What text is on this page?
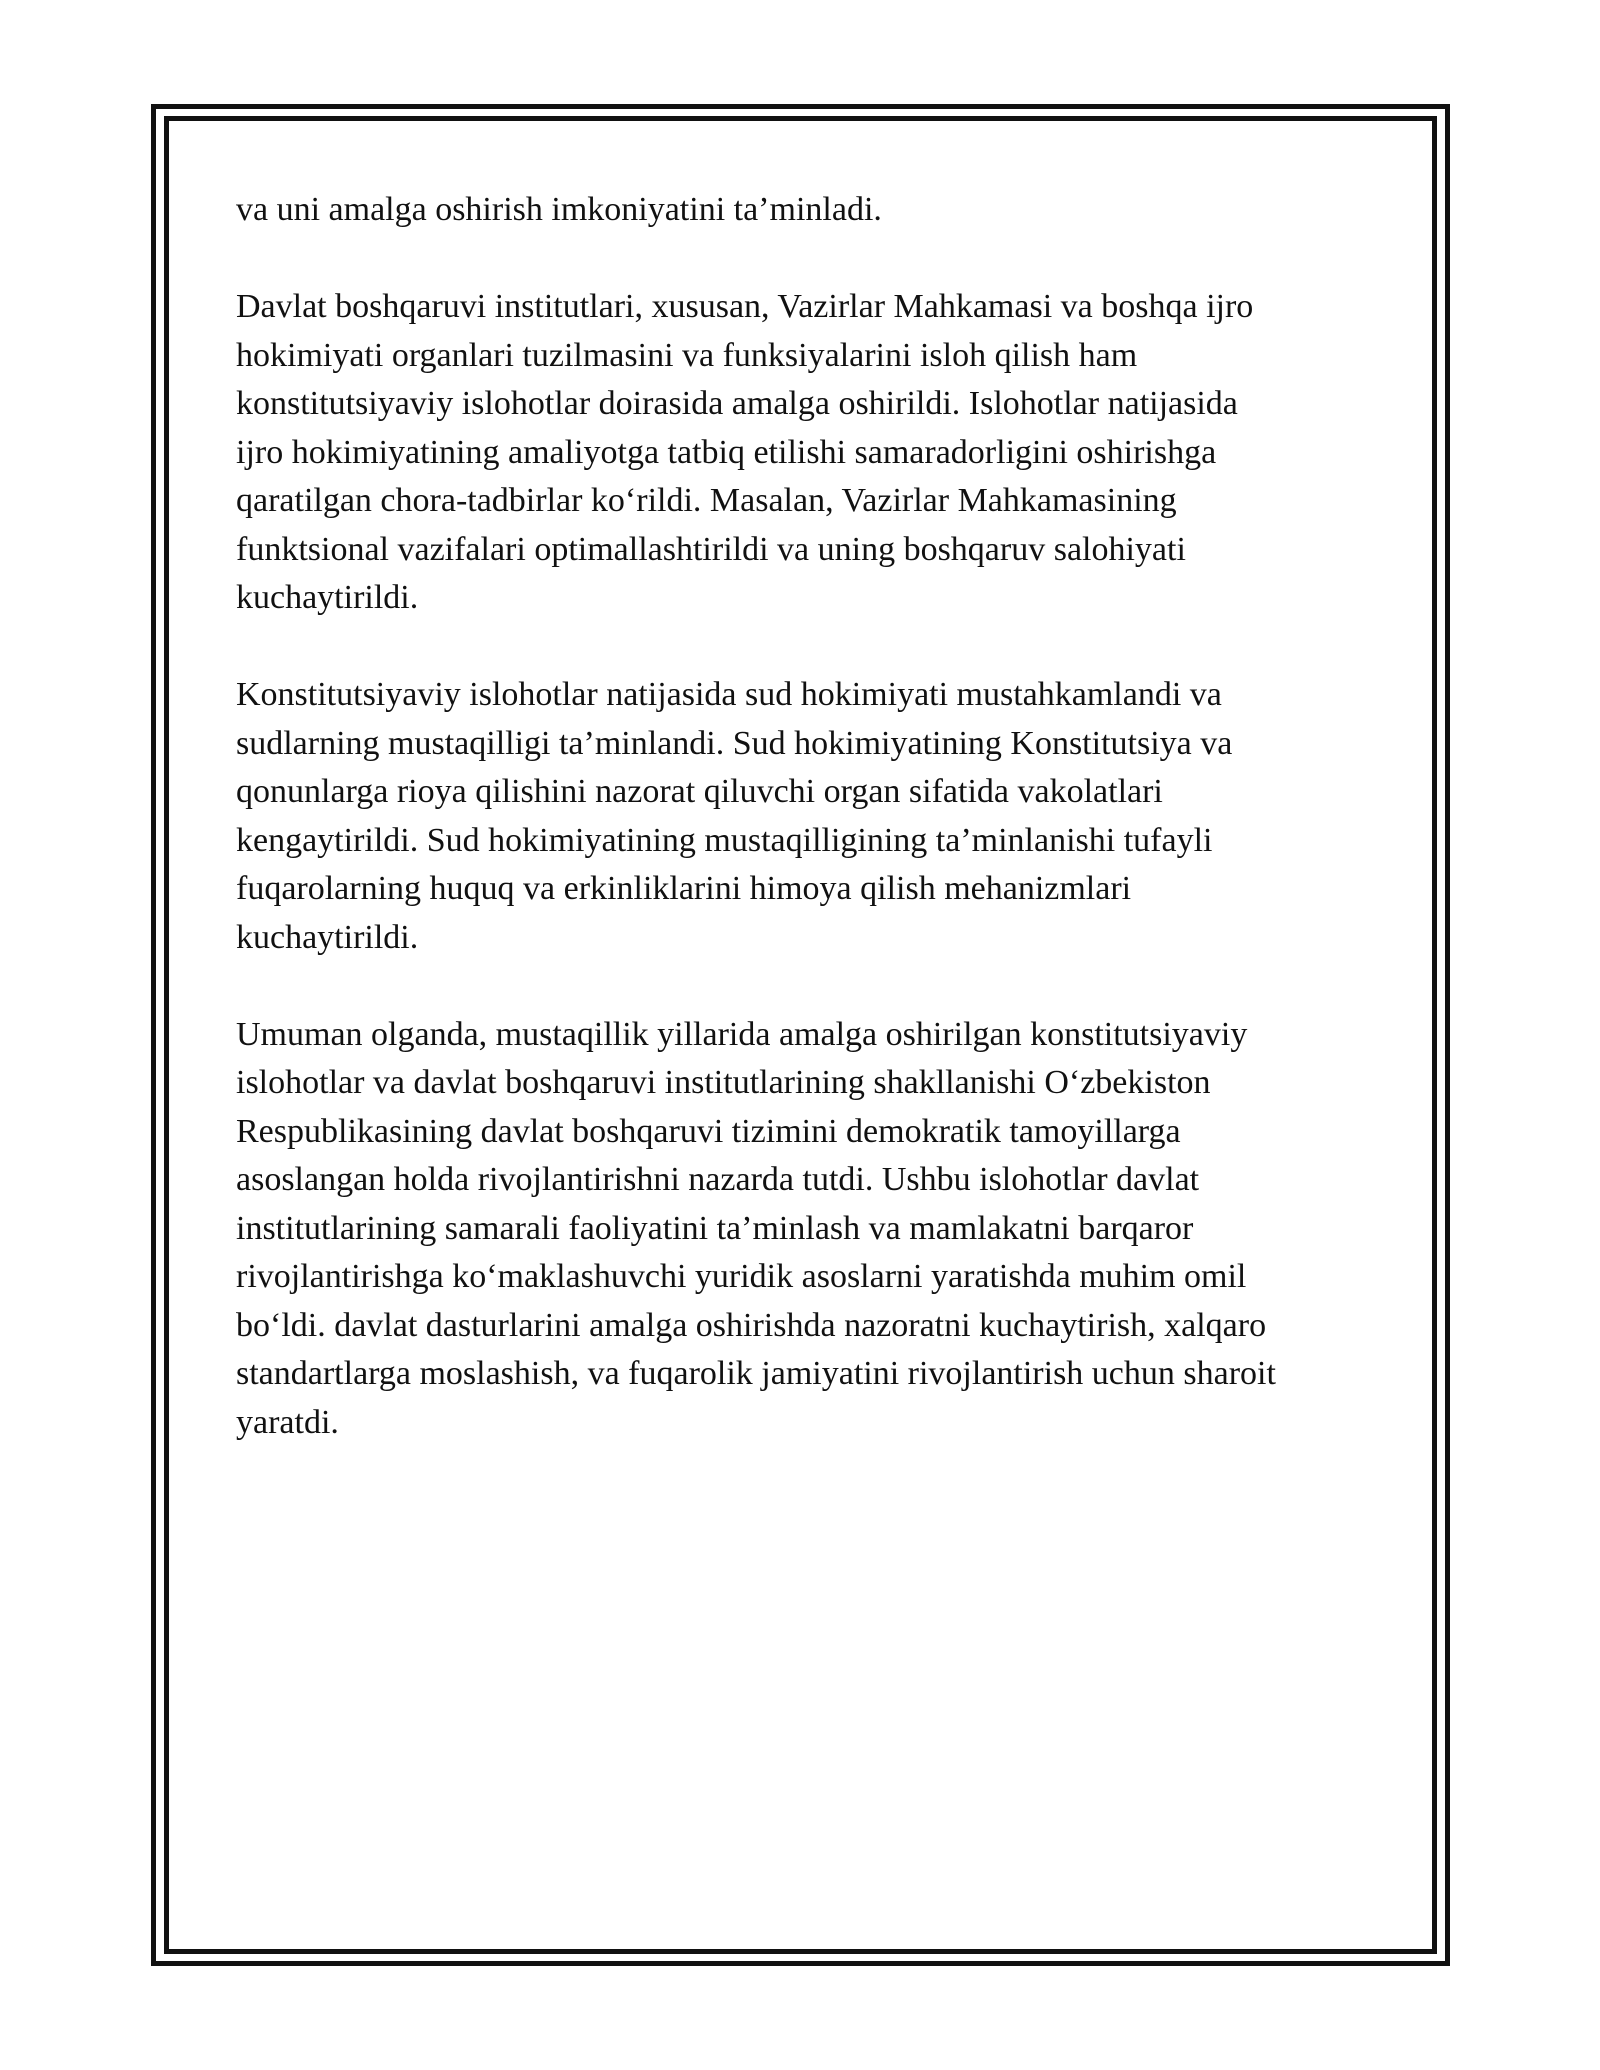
va uni amalga oshirish imkoniyatini ta’minladi.

Davlat boshqaruvi institutlari, xususan, Vazirlar Mahkamasi va boshqa ijro
hokimiyati organlari tuzilmasini va funksiyalarini isloh qilish ham
konstitutsiyaviy islohotlar doirasida amalga oshirildi. Islohotlar natijasida
ijro hokimiyatining amaliyotga tatbiq etilishi samaradorligini oshirishga
qaratilgan chora-tadbirlar koʻrildi. Masalan, Vazirlar Mahkamasining
funktsional vazifalari optimallashtirildi va uning boshqaruv salohiyati
kuchaytirildi.

Konstitutsiyaviy islohotlar natijasida sud hokimiyati mustahkamlandi va
sudlarning mustaqilligi ta’minlandi. Sud hokimiyatining Konstitutsiya va
qonunlarga rioya qilishini nazorat qiluvchi organ sifatida vakolatlari
kengaytirildi. Sud hokimiyatining mustaqilligining ta’minlanishi tufayli
fuqarolarning huquq va erkinliklarini himoya qilish mehanizmlari
kuchaytirildi.

Umuman olganda, mustaqillik yillarida amalga oshirilgan konstitutsiyaviy
islohotlar va davlat boshqaruvi institutlarining shakllanishi Oʻzbekiston
Respublikasining davlat boshqaruvi tizimini demokratik tamoyillarga
asoslangan holda rivojlantirishni nazarda tutdi. Ushbu islohotlar davlat
institutlarining samarali faoliyatini ta’minlash va mamlakatni barqaror
rivojlantirishga koʻmaklashuvchi yuridik asoslarni yaratishda muhim omil
boʻldi. davlat dasturlarini amalga oshirishda nazoratni kuchaytirish, xalqaro
standartlarga moslashish, va fuqarolik jamiyatini rivojlantirish uchun sharoit
yaratdi.
